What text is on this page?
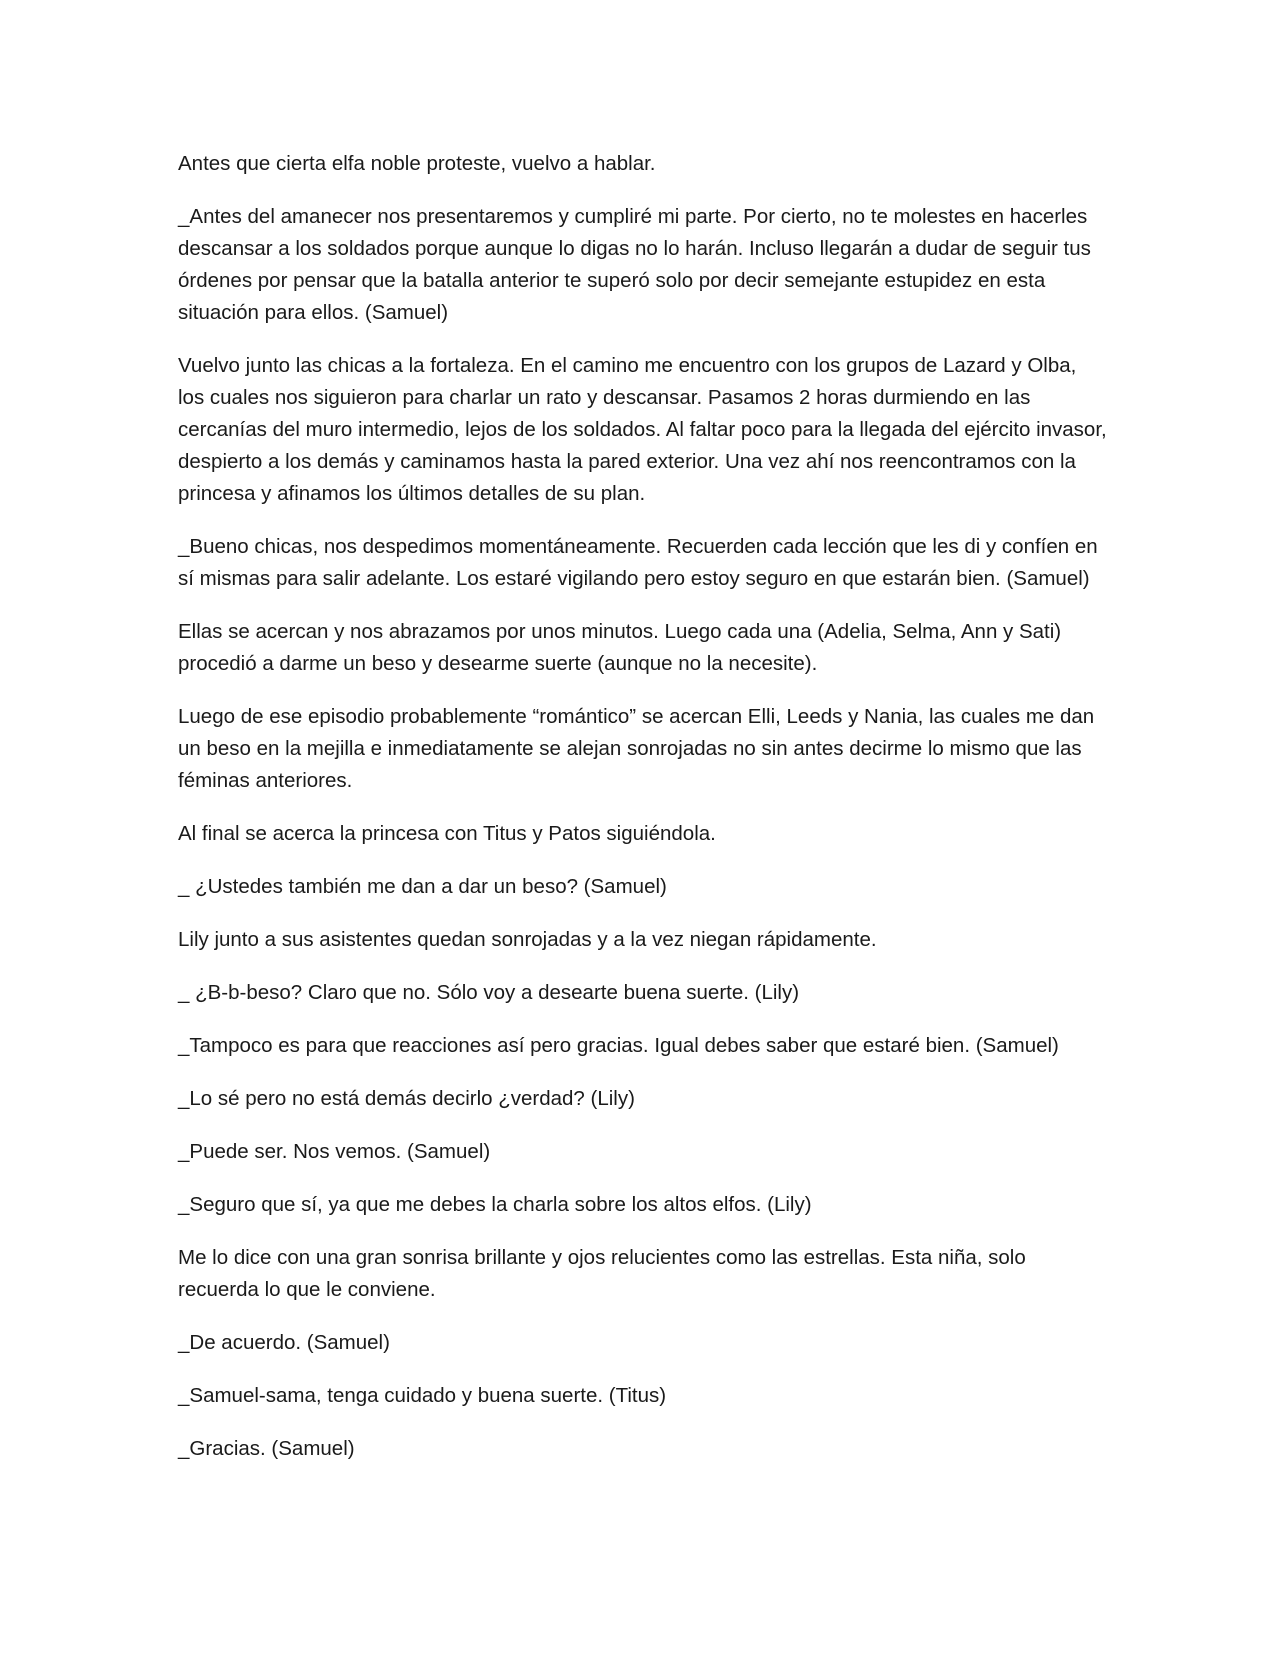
Antes que cierta elfa noble proteste, vuelvo a hablar.

_Antes del amanecer nos presentaremos y cumpliré mi parte. Por cierto, no te molestes en hacerles descansar a los soldados porque aunque lo digas no lo harán. Incluso llegarán a dudar de seguir tus órdenes por pensar que la batalla anterior te superó solo por decir semejante estupidez en esta situación para ellos. (Samuel)

Vuelvo junto las chicas a la fortaleza. En el camino me encuentro con los grupos de Lazard y Olba, los cuales nos siguieron para charlar un rato y descansar. Pasamos 2 horas durmiendo en las cercanías del muro intermedio, lejos de los soldados. Al faltar poco para la llegada del ejército invasor, despierto a los demás y caminamos hasta la pared exterior. Una vez ahí nos reencontramos con la princesa y afinamos los últimos detalles de su plan.

_Bueno chicas, nos despedimos momentáneamente. Recuerden cada lección que les di y confíen en sí mismas para salir adelante. Los estaré vigilando pero estoy seguro en que estarán bien. (Samuel)

Ellas se acercan y nos abrazamos por unos minutos. Luego cada una (Adelia, Selma, Ann y Sati) procedió a darme un beso y desearme suerte (aunque no la necesite).

Luego de ese episodio probablemente “romántico” se acercan Elli, Leeds y Nania, las cuales me dan un beso en la mejilla e inmediatamente se alejan sonrojadas no sin antes decirme lo mismo que las féminas anteriores.

Al final se acerca la princesa con Titus y Patos siguiéndola.

_ ¿Ustedes también me dan a dar un beso? (Samuel)

Lily junto a sus asistentes quedan sonrojadas y a la vez niegan rápidamente.

_ ¿B-b-beso? Claro que no. Sólo voy a desearte buena suerte. (Lily)

_Tampoco es para que reacciones así pero gracias. Igual debes saber que estaré bien. (Samuel)

_Lo sé pero no está demás decirlo ¿verdad? (Lily)

_Puede ser. Nos vemos. (Samuel)

_Seguro que sí, ya que me debes la charla sobre los altos elfos. (Lily)

Me lo dice con una gran sonrisa brillante y ojos relucientes como las estrellas. Esta niña, solo recuerda lo que le conviene.

_De acuerdo. (Samuel)

_Samuel-sama, tenga cuidado y buena suerte. (Titus)

_Gracias. (Samuel)
